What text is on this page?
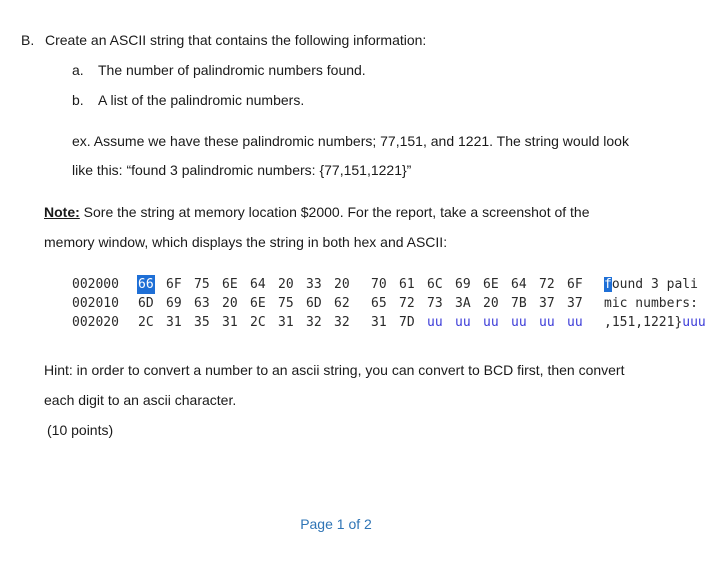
B. Create an ASCII string that contains the following information:
a. The number of palindromic numbers found.
b. A list of the palindromic numbers.
ex. Assume we have these palindromic numbers; 77,151, and 1221. The string would look
like this: “found 3 palindromic numbers: {77,151,1221}”
Note: Sore the string at memory location $2000. For the report, take a screenshot of the
memory window, which displays the string in both hex and ASCII:
002000 66 6F 75 6E 64 20 33 20 70 61 6C 69 6E 64 72 6F found 3 pali
002010 6D 69 63 20 6E 75 6D 62 65 72 73 3A 20 7B 37 37 mic numbers:
002020 2C 31 35 31 2C 31 32 32 31 7D uu uu uu uu uu uu ,151,1221}uuu
Hint: in order to convert a number to an ascii string, you can convert to BCD first, then convert
each digit to an ascii character.
(10 points)
Page 1 of 2
